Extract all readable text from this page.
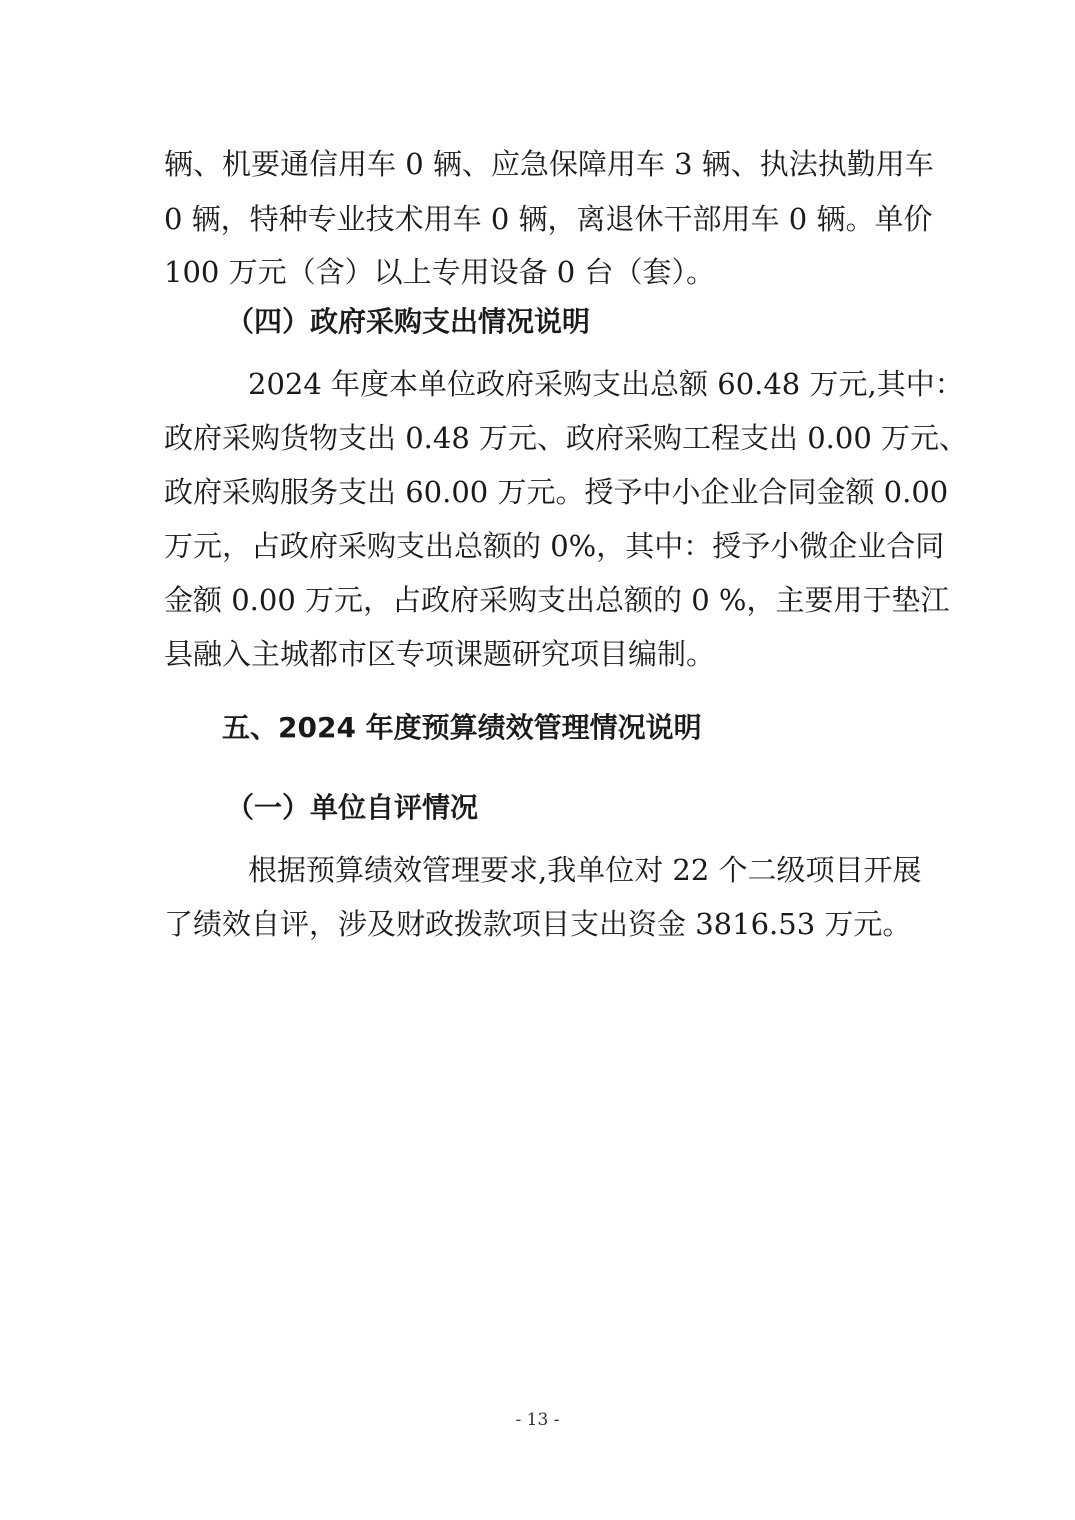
辆、机要通信用车 0 辆、应急保障用车 3 辆、执法执勤用车
0 辆，特种专业技术用车 0 辆，离退休干部用车 0 辆。单价
100 万元（含）以上专用设备 0 台（套）。
（四）政府采购支出情况说明
2024 年度本单位政府采购支出总额 60.48 万元,其中：
政府采购货物支出 0.48 万元、政府采购工程支出 0.00 万元、
政府采购服务支出 60.00 万元。授予中小企业合同金额 0.00
万元，占政府采购支出总额的 0%，其中：授予小微企业合同
金额 0.00 万元，占政府采购支出总额的 0 %，主要用于垫江
县融入主城都市区专项课题研究项目编制。
五、2024 年度预算绩效管理情况说明
（一）单位自评情况
根据预算绩效管理要求,我单位对 22 个二级项目开展
了绩效自评，涉及财政拨款项目支出资金 3816.53 万元。
- 13 -
